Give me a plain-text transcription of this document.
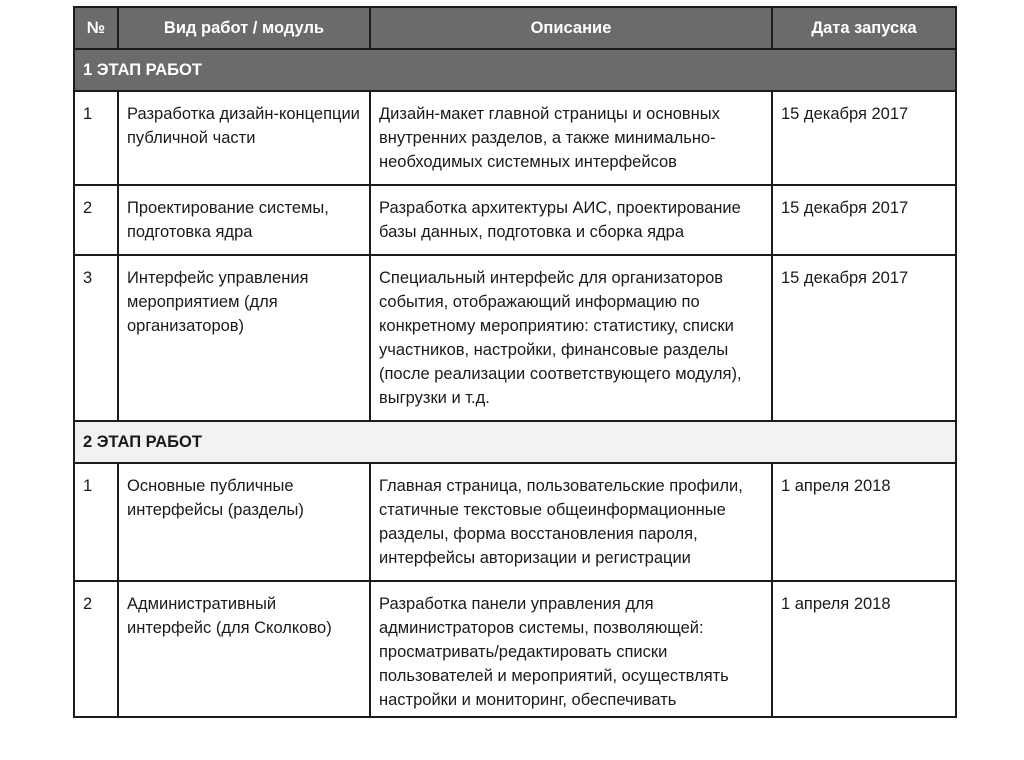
№	Вид работ / модуль	Описание	Дата запуска
1 ЭТАП РАБОТ			
1	Разработка дизайн-концепции публичной части	Дизайн-макет главной страницы и основных внутренних разделов, а также минимально-необходимых системных интерфейсов	15 декабря 2017
2	Проектирование системы, подготовка ядра	Разработка архитектуры АИС, проектирование базы данных, подготовка и сборка ядра	15 декабря 2017
3	Интерфейс управления мероприятием (для организаторов)	Специальный интерфейс для организаторов события, отображающий информацию по конкретному мероприятию: статистику, списки участников, настройки, финансовые разделы (после реализации соответствующего модуля), выгрузки и т.д.	15 декабря 2017
2 ЭТАП РАБОТ			
1	Основные публичные интерфейсы (разделы)	Главная страница, пользовательские профили, статичные текстовые общеинформационные разделы, форма восстановления пароля, интерфейсы авторизации и регистрации	1 апреля 2018
2	Административный интерфейс (для Сколково)	Разработка панели управления для администраторов системы, позволяющей: просматривать/редактировать списки пользователей и мероприятий, осуществлять настройки и мониторинг, обеспечивать	1 апреля 2018
